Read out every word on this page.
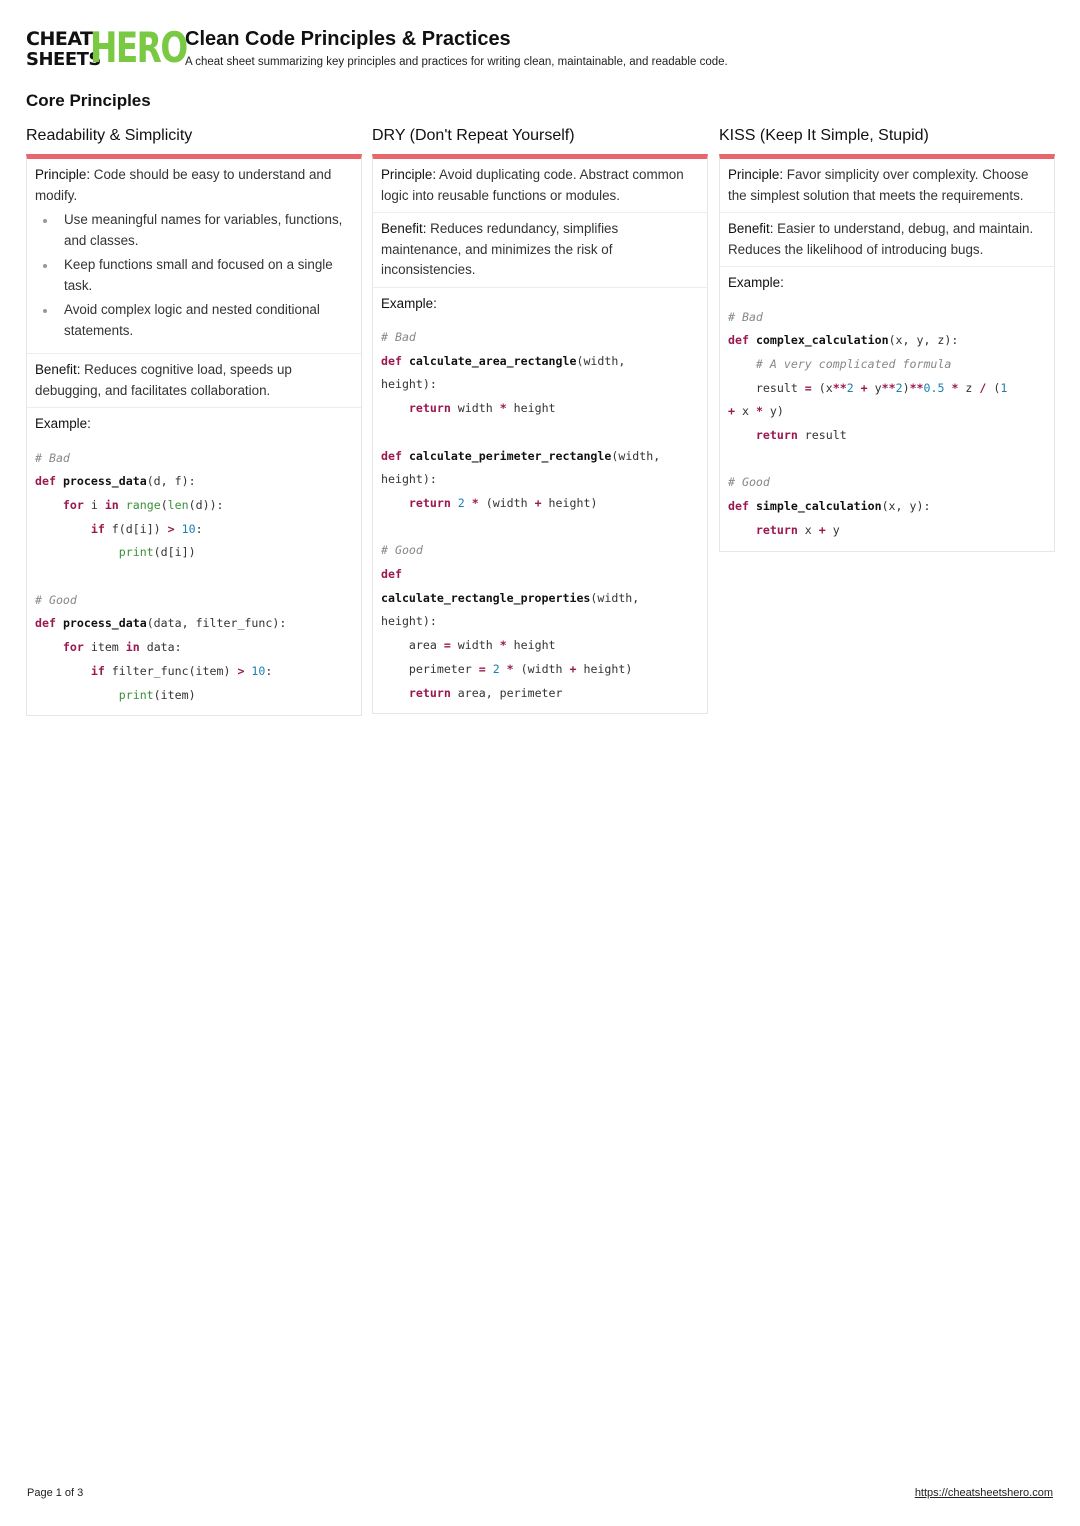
CHEAT
SHEETS
HERO
Clean Code Principles & Practices
A cheat sheet summarizing key principles and practices for writing clean, maintainable, and readable code.
Core Principles
Readability & Simplicity
Principle: Code should be easy to understand and modify.
Use meaningful names for variables, functions, and classes.
Keep functions small and focused on a single task.
Avoid complex logic and nested conditional statements.
Benefit: Reduces cognitive load, speeds up debugging, and facilitates collaboration.
Example:
# Bad
def process_data(d, f):
for i in range(len(d)):
if f(d[i]) > 10:
print(d[i])

# Good
def process_data(data, filter_func):
for item in data:
if filter_func(item) > 10:
print(item)
DRY (Don't Repeat Yourself)
Principle: Avoid duplicating code. Abstract common logic into reusable functions or modules.
Benefit: Reduces redundancy, simplifies maintenance, and minimizes the risk of inconsistencies.
Example:
# Bad
def calculate_area_rectangle(width,
height):
return width * height

def calculate_perimeter_rectangle(width,
height):
return 2 * (width + height)

# Good
def
calculate_rectangle_properties(width,
height):
area = width * height
perimeter = 2 * (width + height)
return area, perimeter
KISS (Keep It Simple, Stupid)
Principle: Favor simplicity over complexity. Choose the simplest solution that meets the requirements.
Benefit: Easier to understand, debug, and maintain. Reduces the likelihood of introducing bugs.
Example:
# Bad
def complex_calculation(x, y, z):
# A very complicated formula
result = (x**2 + y**2)**0.5 * z / (1
+ x * y)
return result

# Good
def simple_calculation(x, y):
return x + y
Page 1 of 3	https://cheatsheetshero.com
